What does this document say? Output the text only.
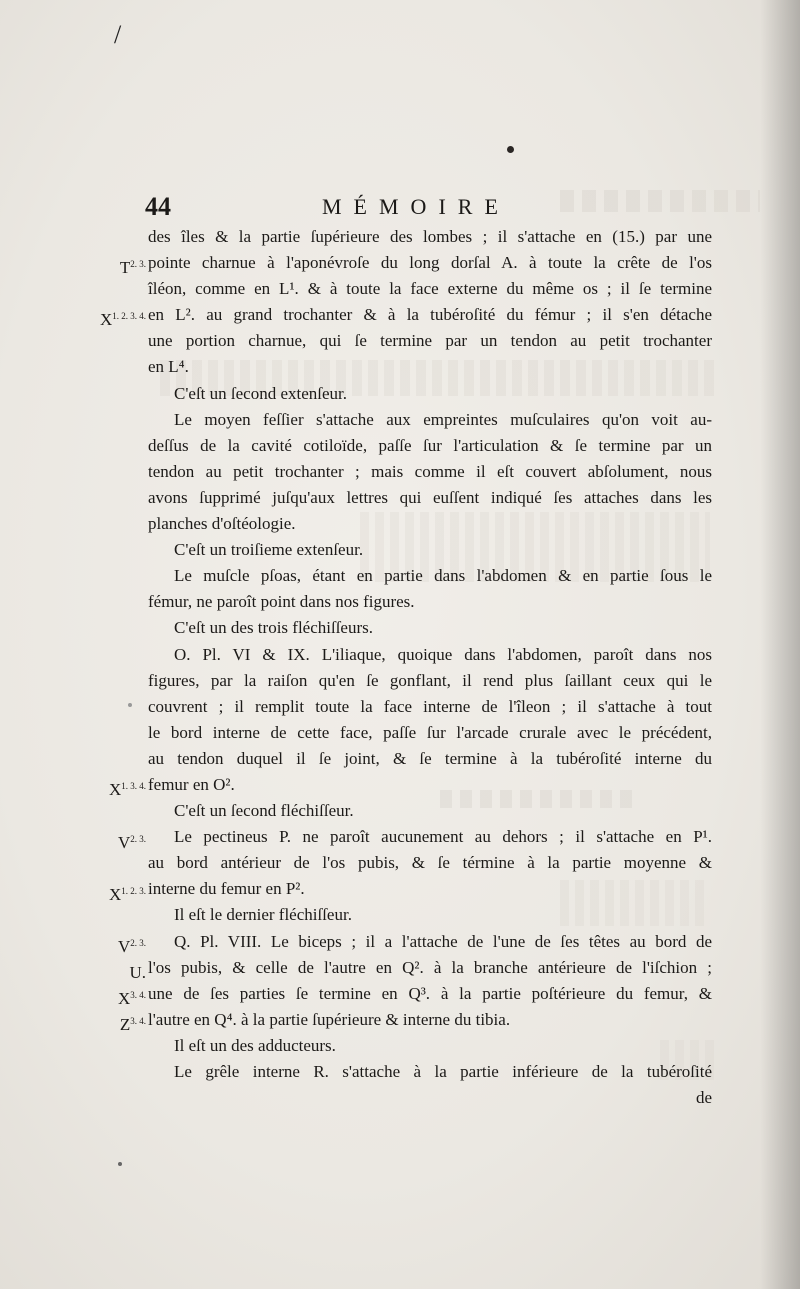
/
44	MÉMOIRE
$T^{2. 3.}$
$X^{1. 2. 3. 4.}$
$X^{1. 3. 4.}$
$V^{2. 3.}$
$X^{1. 2. 3.}$
$V^{2. 3.}$
U.
$X^{3. 4.}$
$Z^{3. 4.}$
des îles & la partie ſupérieure des lombes ; il s'attache en (15.) par une
pointe charnue à l'aponévroſe du long dorſal A. à toute la crête de l'os
îléon, comme en L¹. & à toute la face externe du même os ; il ſe termine
en L². au grand trochanter & à la tubéroſité du fémur ; il s'en détache
une portion charnue, qui ſe termine par un tendon au petit trochanter
en L⁴.
C'eſt un ſecond extenſeur.
Le moyen feſſier s'attache aux empreintes muſculaires qu'on voit au-
deſſus de la cavité cotiloïde, paſſe ſur l'articulation & ſe termine par un
tendon au petit trochanter ; mais comme il eſt couvert abſolument, nous
avons ſupprimé juſqu'aux lettres qui euſſent indiqué ſes attaches dans les
planches d'oſtéologie.
C'eſt un troiſieme extenſeur.
Le muſcle pſoas, étant en partie dans l'abdomen & en partie ſous le
fémur, ne paroît point dans nos figures.
C'eſt un des trois fléchiſſeurs.
O. Pl. VI & IX. L'iliaque, quoique dans l'abdomen, paroît dans nos
figures, par la raiſon qu'en ſe gonflant, il rend plus ſaillant ceux qui le
couvrent ; il remplit toute la face interne de l'îleon ; il s'attache à tout
le bord interne de cette face, paſſe ſur l'arcade crurale avec le précédent,
au tendon duquel il ſe joint, & ſe termine à la tubéroſité interne du
femur en O².
C'eſt un ſecond fléchiſſeur.
Le pectineus P. ne paroît aucunement au dehors ; il s'attache en P¹.
au bord antérieur de l'os pubis, & ſe términe à la partie moyenne &
interne du femur en P².
Il eſt le dernier fléchiſſeur.
Q. Pl. VIII. Le biceps ; il a l'attache de l'une de ſes têtes au bord de
l'os pubis, & celle de l'autre en Q². à la branche antérieure de l'iſchion ;
une de ſes parties ſe termine en Q³. à la partie poſtérieure du femur, &
l'autre en Q⁴. à la partie ſupérieure & interne du tibia.
Il eſt un des adducteurs.
Le grêle interne R. s'attache à la partie inférieure de la tubéroſité
de
